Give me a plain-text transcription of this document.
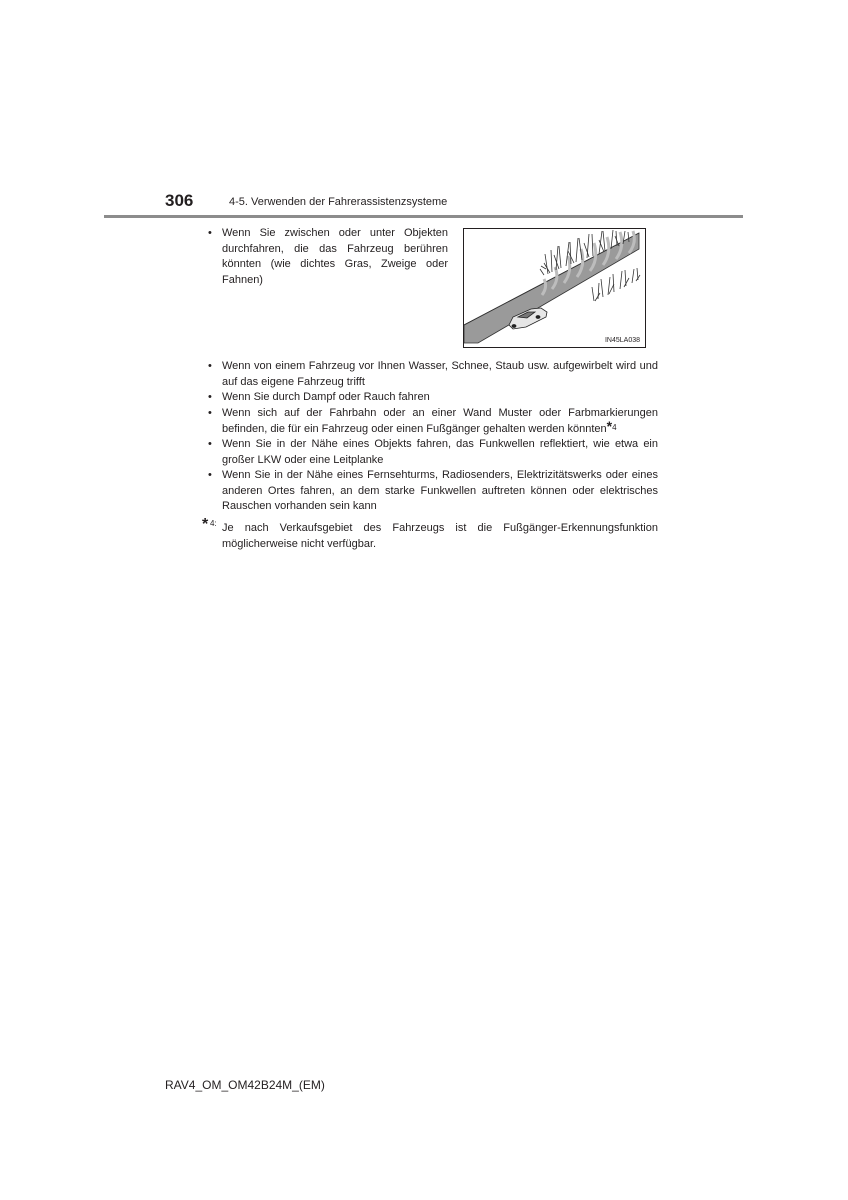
306	4-5. Verwenden der Fahrerassistenzsysteme
• Wenn Sie zwischen oder unter Objekten durchfahren, die das Fahrzeug berühren könnten (wie dichtes Gras, Zweige oder Fahnen)
IN45LA038
• Wenn von einem Fahrzeug vor Ihnen Wasser, Schnee, Staub usw. aufgewirbelt wird und auf das eigene Fahrzeug trifft
• Wenn Sie durch Dampf oder Rauch fahren
• Wenn sich auf der Fahrbahn oder an einer Wand Muster oder Farbmarkierungen befinden, die für ein Fahrzeug oder einen Fußgänger gehalten werden könnten*$^4$
• Wenn Sie in der Nähe eines Objekts fahren, das Funkwellen reflektiert, wie etwa ein großer LKW oder eine Leitplanke
• Wenn Sie in der Nähe eines Fernsehturms, Radiosenders, Elektrizitätswerks oder eines anderen Ortes fahren, an dem starke Funkwellen auftreten können oder elektrisches Rauschen vorhanden sein kann
* 4: Je nach Verkaufsgebiet des Fahrzeugs ist die Fußgänger-Erkennungsfunktion möglicherweise nicht verfügbar.
RAV4_OM_OM42B24M_(EM)
